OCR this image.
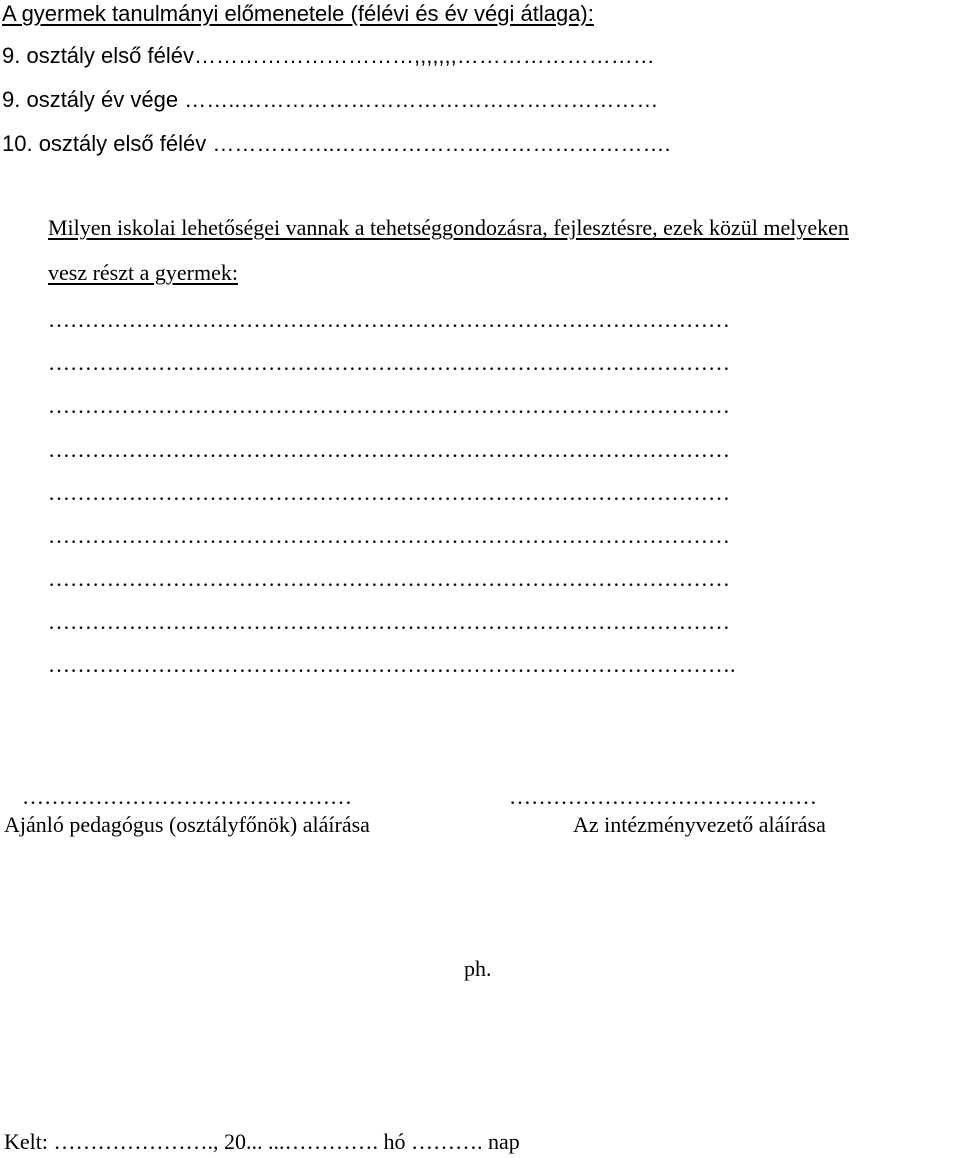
A gyermek tanulmányi előmenetele (félévi és év végi átlaga):
9. osztály első félév…………………………,,,,,,,………………………
9. osztály év vége ……..…………………………………………………
10. osztály első félév ……………..……………………………………….
Milyen iskolai lehetőségei vannak a tehetséggondozásra, fejlesztésre, ezek közül melyeken
vesz részt a gyermek:
…………………………………………………………………………………
…………………………………………………………………………………
…………………………………………………………………………………
…………………………………………………………………………………
…………………………………………………………………………………
…………………………………………………………………………………
…………………………………………………………………………………
…………………………………………………………………………………
………………………………………………………………………………….
………………………………………
Ajánló pedagógus (osztályfőnök) aláírása
……………………………………
Az intézményvezető aláírása
ph.
Kelt: …………………., 20... ...…………. hó ………. nap
